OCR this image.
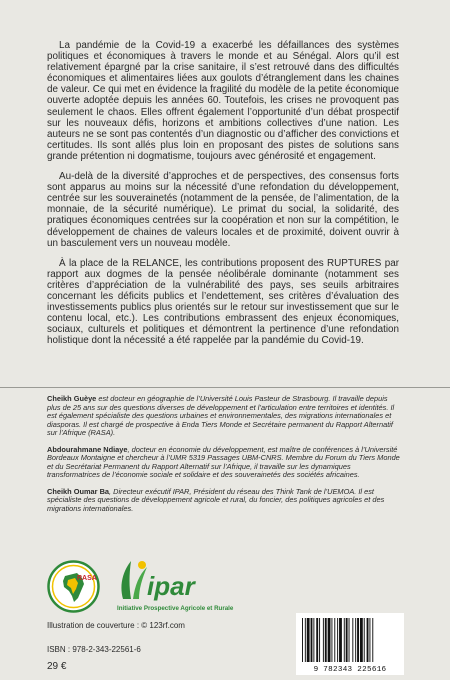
La pandémie de la Covid-19 a exacerbé les défaillances des systèmes politiques et économiques à travers le monde et au Sénégal. Alors qu’il est relativement épargné par la crise sanitaire, il s’est retrouvé dans des difficultés économiques et alimentaires liées aux goulots d’étranglement dans les chaines de valeur. Ce qui met en évidence la fragilité du modèle de la petite économique ouverte adoptée depuis les années 60. Toutefois, les crises ne provoquent pas seulement le chaos. Elles offrent également l’opportunité d’un débat prospectif sur les nouveaux défis, horizons et ambitions collectives d’une nation. Les auteurs ne se sont pas contentés d’un diagnostic ou d’afficher des convictions et certitudes. Ils sont allés plus loin en proposant des pistes de solutions sans grande prétention ni dogmatisme, toujours avec générosité et engagement.

Au-delà de la diversité d’approches et de perspectives, des consensus forts sont apparus au moins sur la nécessité d’une refondation du développement, centrée sur les souverainetés (notamment de la pensée, de l’alimentation, de la monnaie, de la sécurité numérique). Le primat du social, la solidarité, des pratiques économiques centrées sur la coopération et non sur la compétition, le développement de chaines de valeurs locales et de proximité, doivent ouvrir à un basculement vers un nouveau modèle.

À la place de la RELANCE, les contributions proposent des RUPTURES par rapport aux dogmes de la pensée néolibérale dominante (notamment ses critères d’appréciation de la vulnérabilité des pays, ses seuils arbitraires concernant les déficits publics et l’endettement, ses critères d’évaluation des investissements publics plus orientés sur le retour sur investissement que sur le contenu local, etc.). Les contributions embrassent des enjeux économiques, sociaux, culturels et politiques et démontrent la pertinence d’une refondation holistique dont la nécessité a été rappelée par la pandémie du Covid-19.

Cheikh Guèye est docteur en géographie de l’Université Louis Pasteur de Strasbourg. Il travaille depuis plus de 25 ans sur des questions diverses de développement et l’articulation entre territoires et identités. Il est également spécialiste des questions urbaines et environnementales, des migrations internationales et diasporas. Il est chargé de prospective à Enda Tiers Monde et Secrétaire permanent du Rapport Alternatif sur l’Afrique (RASA).

Abdourahmane Ndiaye, docteur en économie du développement, est maître de conférences à l’Université Bordeaux Montaigne et chercheur à l’UMR 5319 Passages UBM-CNRS. Membre du Forum du Tiers Monde et du Secrétariat Permanent du Rapport Alternatif sur l’Afrique, il travaille sur les dynamiques transformatrices de l’économie sociale et solidaire et des souverainetés des sociétés africaines.

Cheikh Oumar Ba, Directeur exécutif IPAR, Président du réseau des Think Tank de l’UEMOA. Il est spécialiste des questions de développement agricole et rural, du foncier, des politiques agricoles et des migrations internationales.

RASA ipar
Initiative Prospective Agricole et Rurale
Illustration de couverture : © 123rf.com
ISBN : 978-2-343-22561-6
29 €	9 782343 225616
